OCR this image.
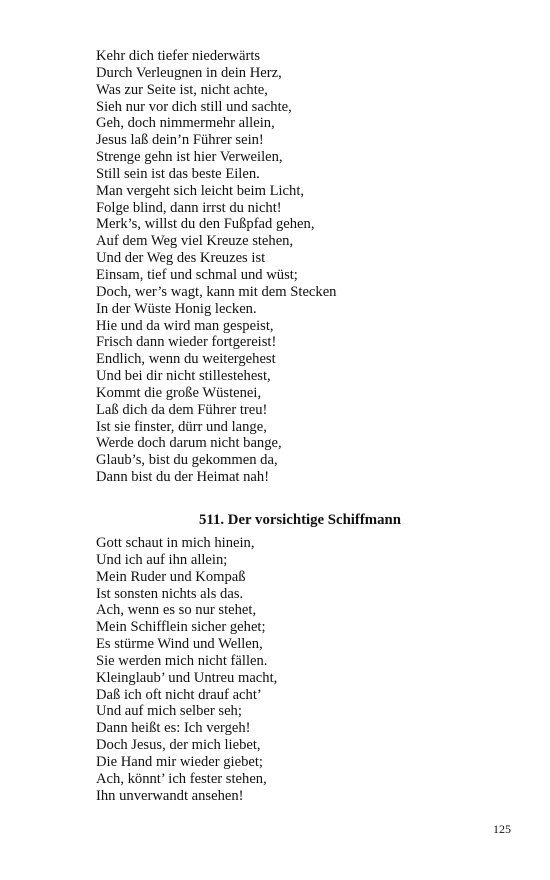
Kehr dich tiefer niederwärts
Durch Verleugnen in dein Herz,
Was zur Seite ist, nicht achte,
Sieh nur vor dich still und sachte,
Geh, doch nimmermehr allein,
Jesus laß dein’n Führer sein!
Strenge gehn ist hier Verweilen,
Still sein ist das beste Eilen.
Man vergeht sich leicht beim Licht,
Folge blind, dann irrst du nicht!
Merk’s, willst du den Fußpfad gehen,
Auf dem Weg viel Kreuze stehen,
Und der Weg des Kreuzes ist
Einsam, tief und schmal und wüst;
Doch, wer’s wagt, kann mit dem Stecken
In der Wüste Honig lecken.
Hie und da wird man gespeist,
Frisch dann wieder fortgereist!
Endlich, wenn du weitergehest
Und bei dir nicht stillestehest,
Kommt die große Wüstenei,
Laß dich da dem Führer treu!
Ist sie finster, dürr und lange,
Werde doch darum nicht bange,
Glaub’s, bist du gekommen da,
Dann bist du der Heimat nah!
511. Der vorsichtige Schiffmann
Gott schaut in mich hinein,
Und ich auf ihn allein;
Mein Ruder und Kompaß
Ist sonsten nichts als das.
Ach, wenn es so nur stehet,
Mein Schifflein sicher gehet;
Es stürme Wind und Wellen,
Sie werden mich nicht fällen.
Kleinglaub’ und Untreu macht,
Daß ich oft nicht drauf acht’
Und auf mich selber seh;
Dann heißt es: Ich vergeh!
Doch Jesus, der mich liebet,
Die Hand mir wieder giebet;
Ach, könnt’ ich fester stehen,
Ihn unverwandt ansehen!
125
